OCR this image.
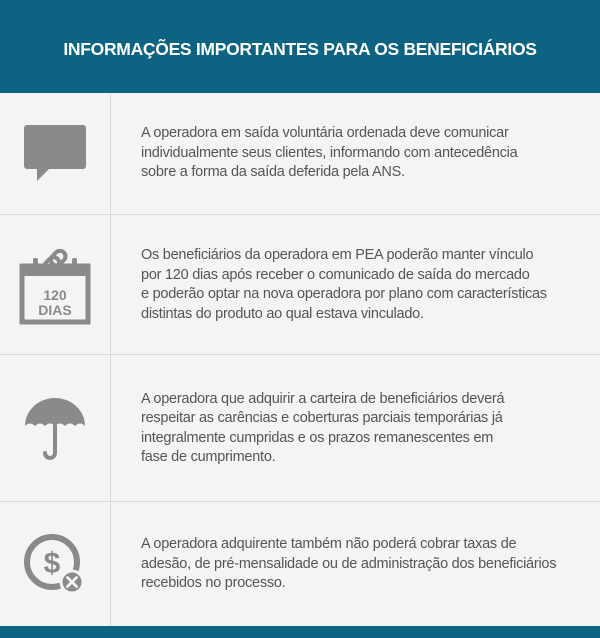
INFORMAÇÕES IMPORTANTES PARA OS BENEFICIÁRIOS

A operadora em saída voluntária ordenada deve comunicar
individualmente seus clientes, informando com antecedência
sobre a forma da saída deferida pela ANS.

120
DIAS

Os beneficiários da operadora em PEA poderão manter vínculo
por 120 dias após receber o comunicado de saída do mercado
e poderão optar na nova operadora por plano com características
distintas do produto ao qual estava vinculado.

A operadora que adquirir a carteira de beneficiários deverá
respeitar as carências e coberturas parciais temporárias já
integralmente cumpridas e os prazos remanescentes em
fase de cumprimento.

$

A operadora adquirente também não poderá cobrar taxas de
adesão, de pré-mensalidade ou de administração dos beneficiários
recebidos no processo.
